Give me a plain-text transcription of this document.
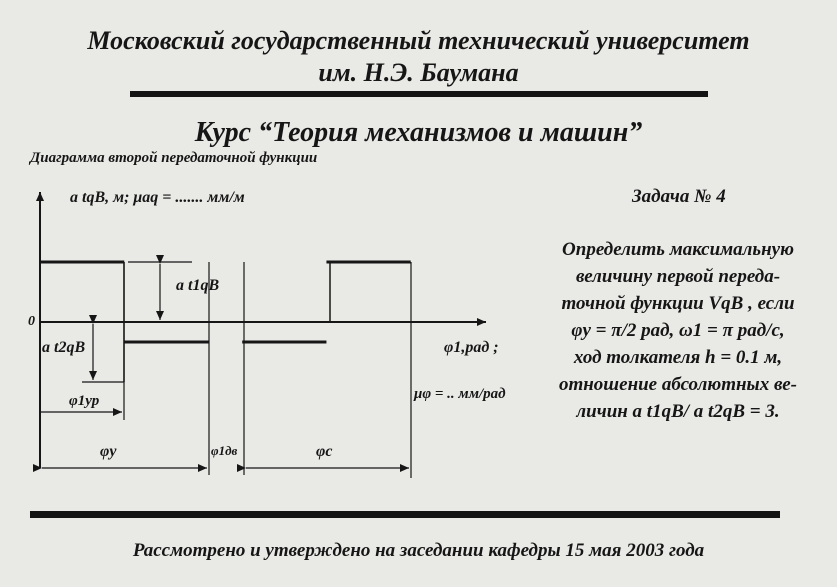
Московский государственный технический университет
им. Н.Э. Баумана
Курс “Теория механизмов и машин”
Диаграмма второй передаточной функции
a tqB, м; μaq = ....... мм/м
0
a t1qB
a t2qB	φ1,рад ;
μφ = .. мм/рад
φ1ур
φy	φ1дв	φc
Задача № 4
Определить максимальную
величину первой переда-
точной функции VqB , если
φy = π/2 рад, ω1 = π рад/с,
ход толкателя h = 0.1 м,
отношение абсолютных ве-
личин a t1qB/ a t2qB = 3.
Рассмотрено и утверждено на заседании кафедры 15 мая 2003 года
